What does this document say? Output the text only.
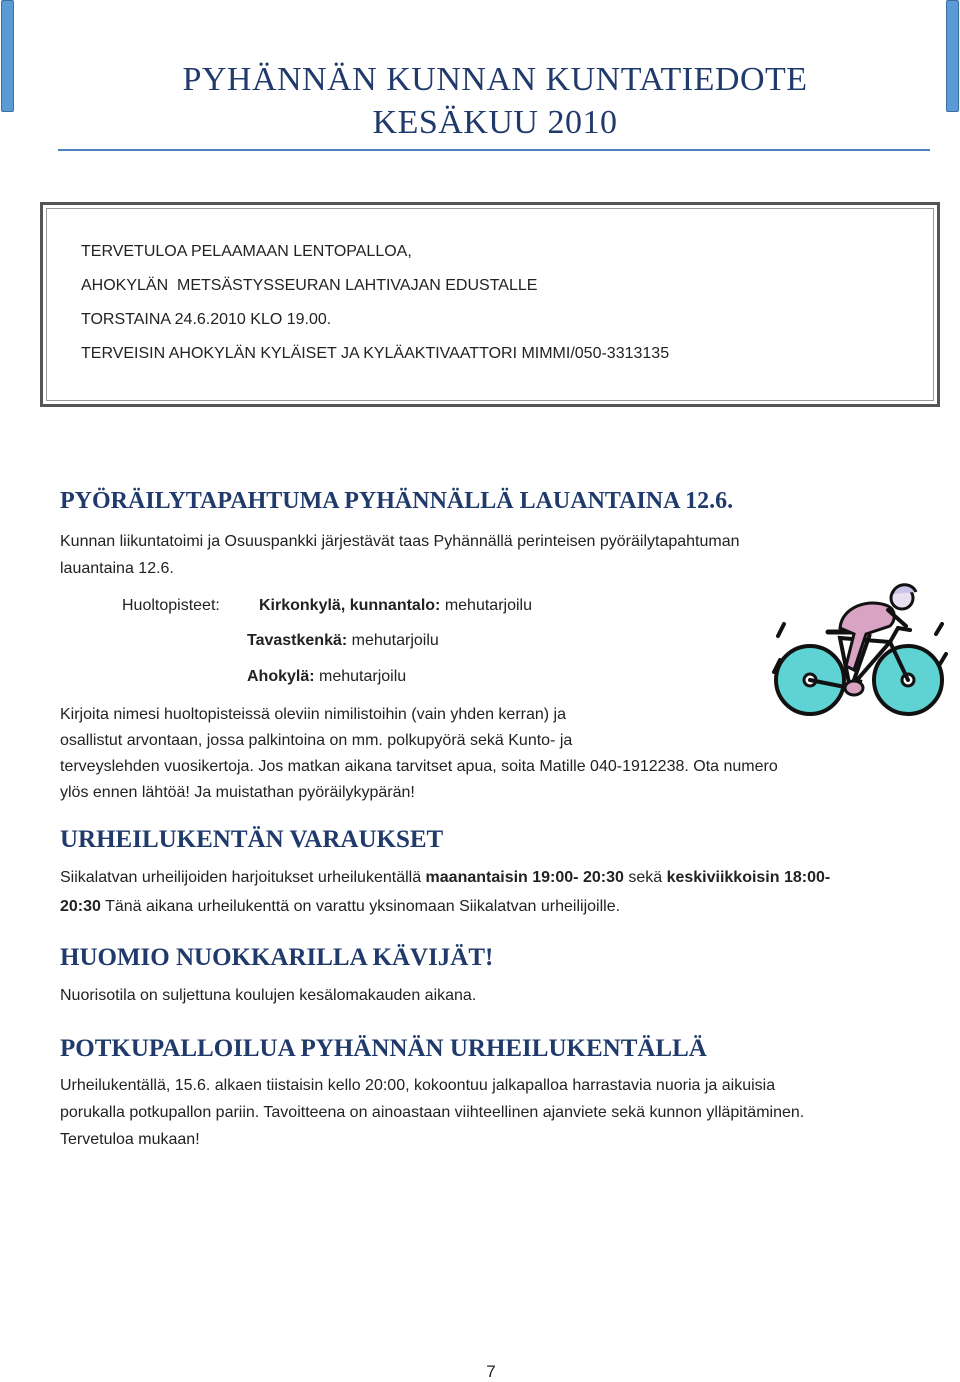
PYHÄNNÄN KUNNAN KUNTATIEDOTE
KESÄKUU 2010
TERVETULOA PELAAMAAN LENTOPALLOA,
AHOKYLÄN  METSÄSTYSSEURAN LAHTIVAJAN EDUSTALLE
TORSTAINA 24.6.2010 KLO 19.00.
TERVEISIN AHOKYLÄN KYLÄISET JA KYLÄAKTIVAATTORI MIMMI/050-3313135
PYÖRÄILYTAPAHTUMA PYHÄNNÄLLÄ LAUANTAINA 12.6.
Kunnan liikuntatoimi ja Osuuspankki järjestävät taas Pyhännällä perinteisen pyöräilytapahtuman
lauantaina 12.6.
Huoltopisteet: Kirkonkylä, kunnantalo: mehutarjoilu
Tavastkenkä: mehutarjoilu
Ahokylä: mehutarjoilu
Kirjoita nimesi huoltopisteissä oleviin nimilistoihin (vain yhden kerran) ja
osallistut arvontaan, jossa palkintoina on mm. polkupyörä sekä Kunto- ja
terveyslehden vuosikertoja. Jos matkan aikana tarvitset apua, soita Matille 040-1912238. Ota numero
ylös ennen lähtöä! Ja muistathan pyöräilykypärän!
URHEILUKENTÄN VARAUKSET
Siikalatvan urheilijoiden harjoitukset urheilukentällä maanantaisin 19:00- 20:30 sekä keskiviikkoisin 18:00-
20:30 Tänä aikana urheilukenttä on varattu yksinomaan Siikalatvan urheilijoille.
HUOMIO NUOKKARILLA KÄVIJÄT!
Nuorisotila on suljettuna koulujen kesälomakauden aikana.
POTKUPALLOILUA PYHÄNNÄN URHEILUKENTÄLLÄ
Urheilukentällä, 15.6. alkaen tiistaisin kello 20:00, kokoontuu jalkapalloa harrastavia nuoria ja aikuisia
porukalla potkupallon pariin. Tavoitteena on ainoastaan viihteellinen ajanviete sekä kunnon ylläpitäminen.
Tervetuloa mukaan!
7
